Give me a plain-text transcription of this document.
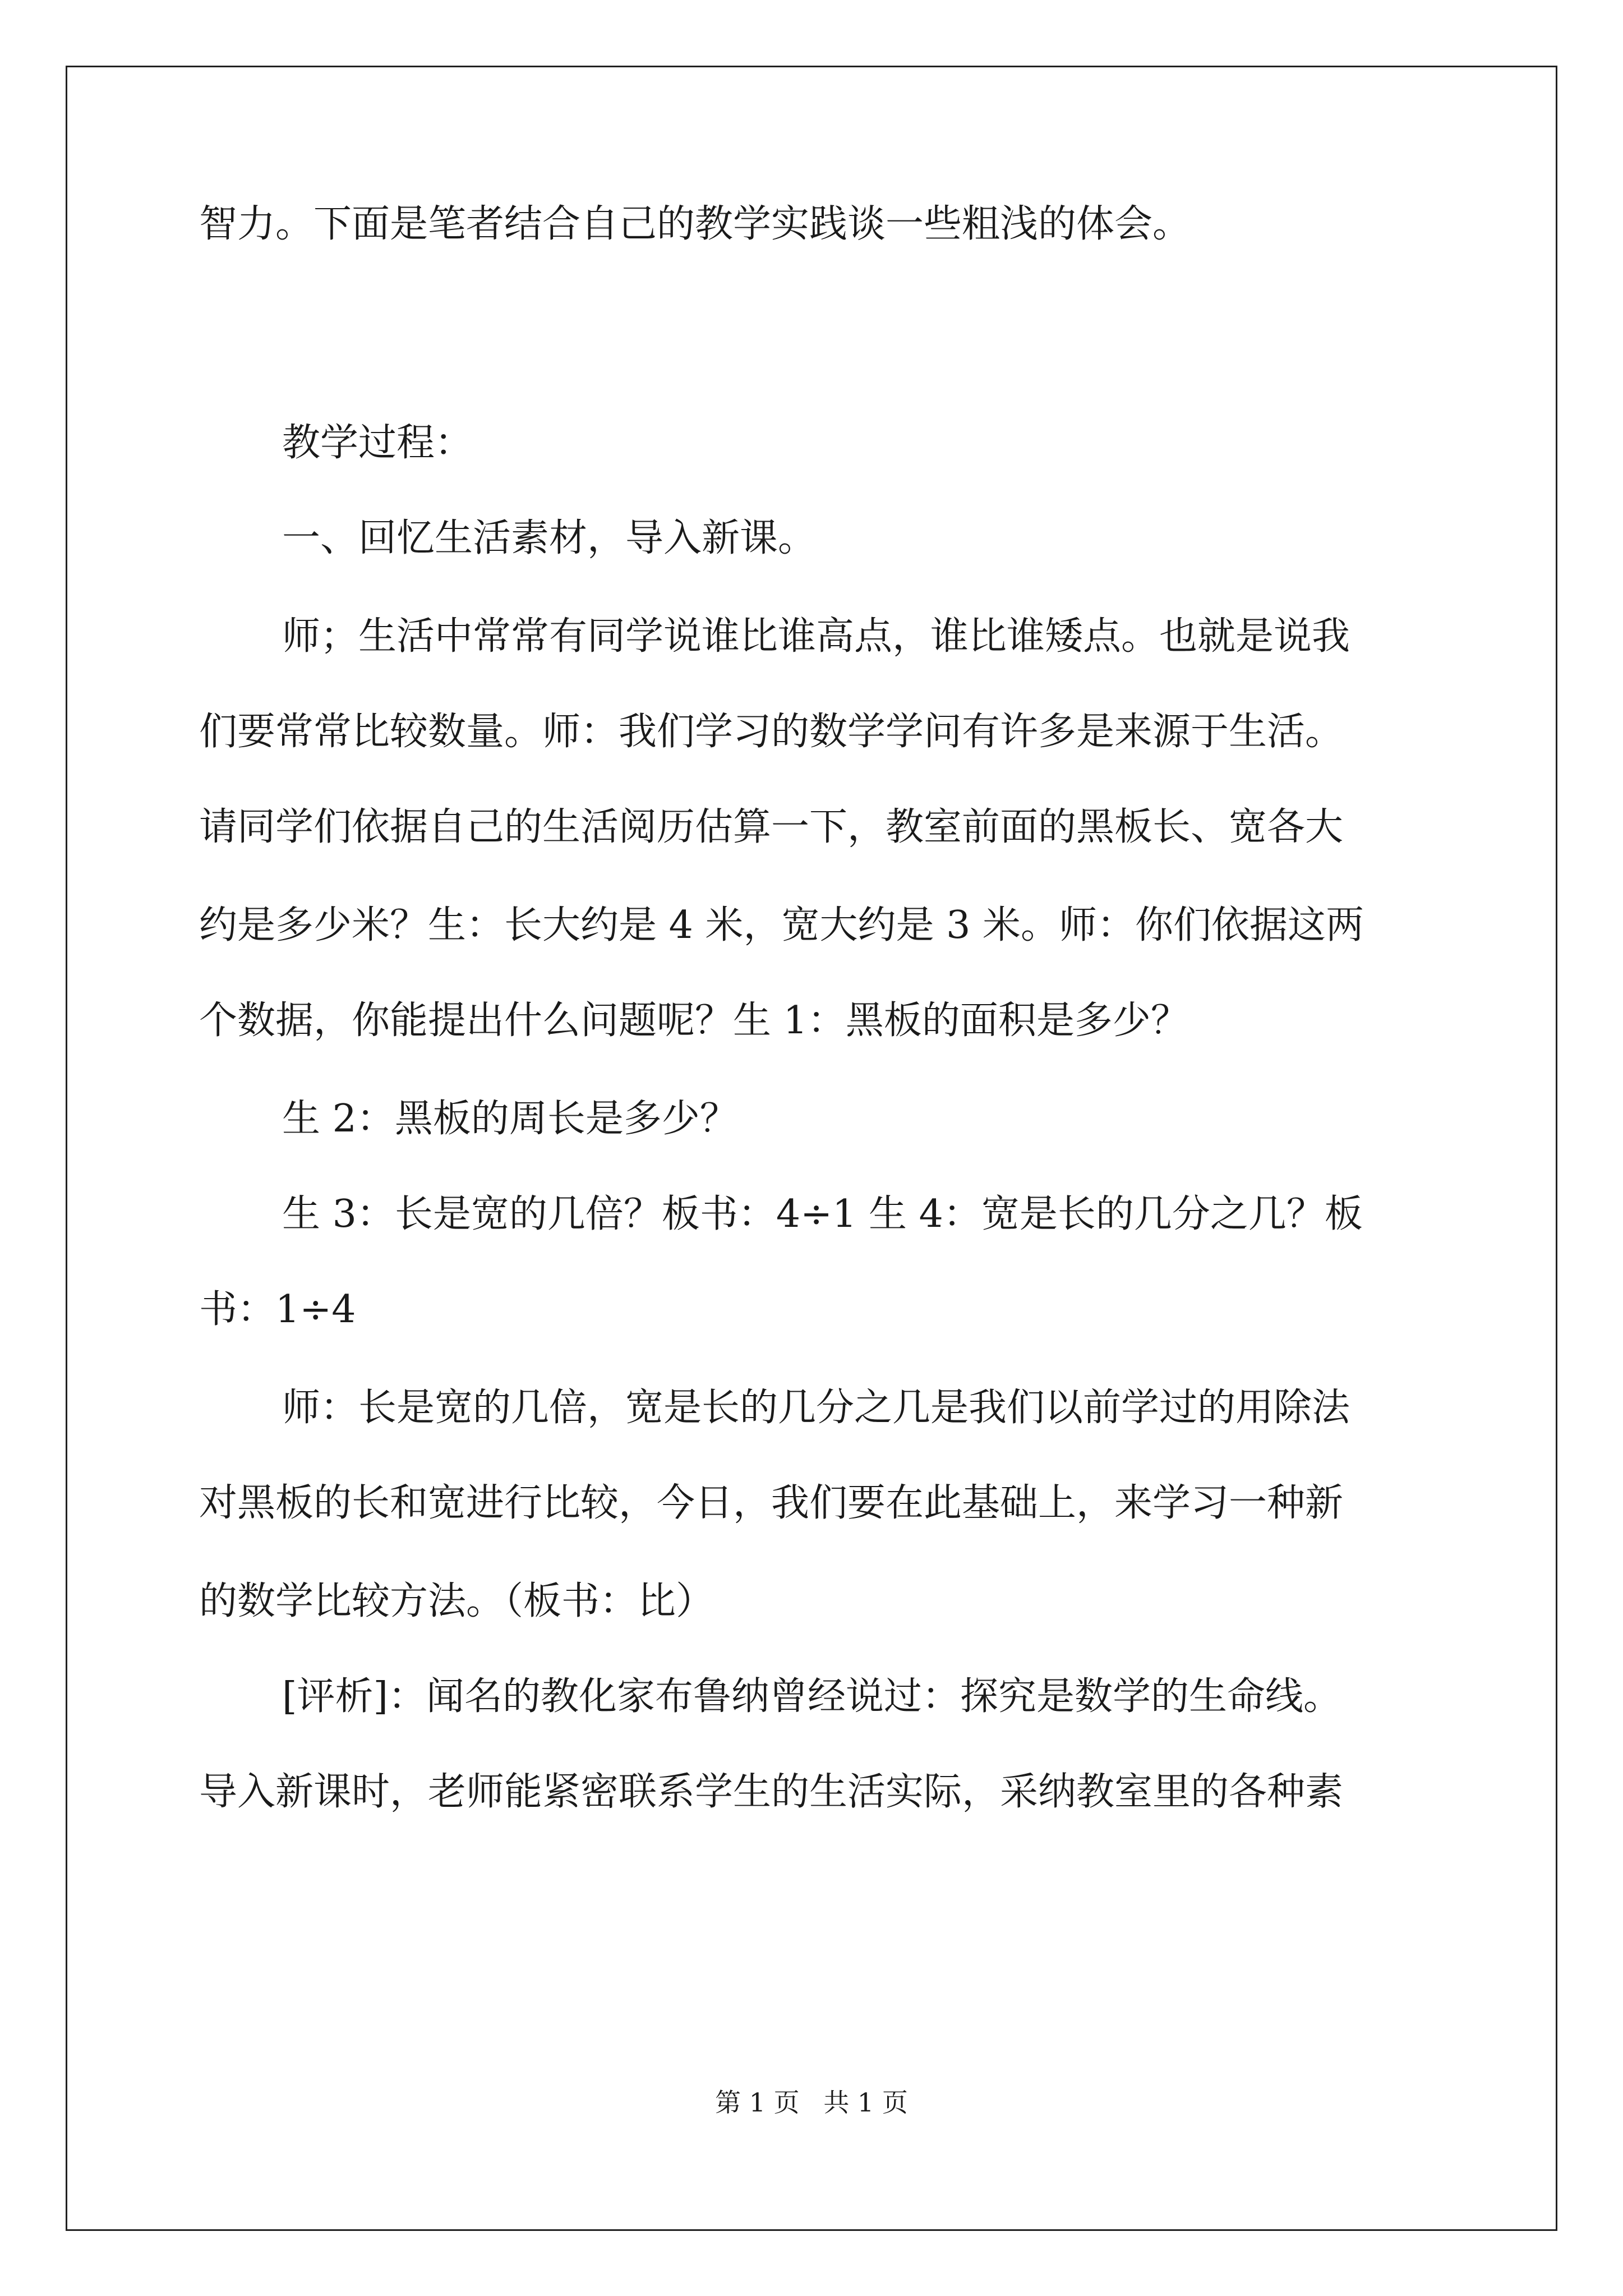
智力。下面是笔者结合自己的教学实践谈一些粗浅的体会。
教学过程：
一、回忆生活素材，导入新课。
师；生活中常常有同学说谁比谁高点，谁比谁矮点。也就是说我
们要常常比较数量。师：我们学习的数学学问有许多是来源于生活。
请同学们依据自己的生活阅历估算一下，教室前面的黑板长、宽各大
约是多少米？生：长大约是 4 米，宽大约是 3 米。师：你们依据这两
个数据，你能提出什么问题呢？生 1：黑板的面积是多少？
生 2：黑板的周长是多少？
生 3：长是宽的几倍？板书：4÷1 生 4：宽是长的几分之几？板
书：1÷4
师：长是宽的几倍，宽是长的几分之几是我们以前学过的用除法
对黑板的长和宽进行比较，今日，我们要在此基础上，来学习一种新
的数学比较方法。（板书：比）
[评析]：闻名的教化家布鲁纳曾经说过：探究是数学的生命线。
导入新课时，老师能紧密联系学生的生活实际，采纳教室里的各种素
第 1 页 共 1 页
